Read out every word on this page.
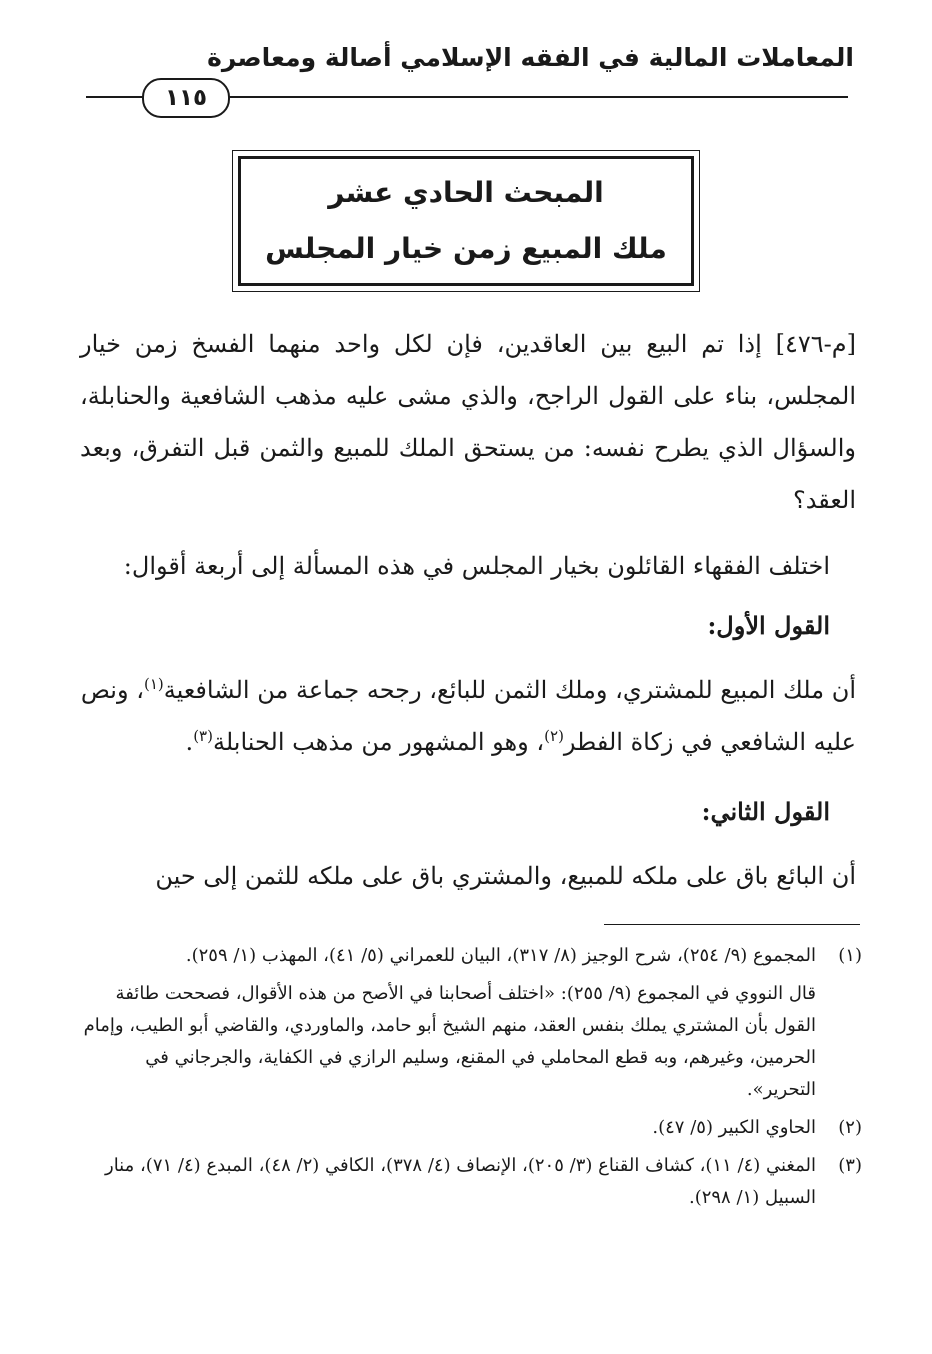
المعاملات المالية في الفقه الإسلامي أصالة ومعاصرة
١١٥
المبحث الحادي عشر
ملك المبيع زمن خيار المجلس
[م-٤٧٦] إذا تم البيع بين العاقدين، فإن لكل واحد منهما الفسخ زمن خيار المجلس، بناء على القول الراجح، والذي مشى عليه مذهب الشافعية والحنابلة، والسؤال الذي يطرح نفسه: من يستحق الملك للمبيع والثمن قبل التفرق، وبعد العقد؟
اختلف الفقهاء القائلون بخيار المجلس في هذه المسألة إلى أربعة أقوال:
القول الأول:
أن ملك المبيع للمشتري، وملك الثمن للبائع، رجحه جماعة من الشافعية$^{(١)}$، ونص عليه الشافعي في زكاة الفطر$^{(٢)}$، وهو المشهور من مذهب الحنابلة$^{(٣)}$.
القول الثاني:
أن البائع باق على ملكه للمبيع، والمشتري باق على ملكه للثمن إلى حين
(١)
المجموع (٩/ ٢٥٤)، شرح الوجيز (٨/ ٣١٧)، البيان للعمراني (٥/ ٤١)، المهذب (١/ ٢٥٩).
قال النووي في المجموع (٩/ ٢٥٥): «اختلف أصحابنا في الأصح من هذه الأقوال، فصححت طائفة القول بأن المشتري يملك بنفس العقد، منهم الشيخ أبو حامد، والماوردي، والقاضي أبو الطيب، وإمام الحرمين، وغيرهم، وبه قطع المحاملي في المقنع، وسليم الرازي في الكفاية، والجرجاني في التحرير».
(٢)
الحاوي الكبير (٥/ ٤٧).
(٣)
المغني (٤/ ١١)، كشاف القناع (٣/ ٢٠٥)، الإنصاف (٤/ ٣٧٨)، الكافي (٢/ ٤٨)، المبدع (٤/ ٧١)، منار السبيل (١/ ٢٩٨).
